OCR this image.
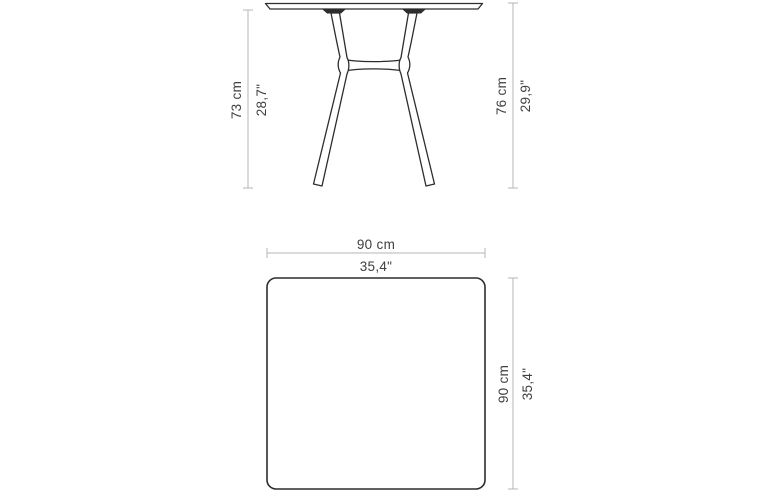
73 cm 28,7"	76 cm 29,9"
90 cm
35,4"
90 cm 35,4"
